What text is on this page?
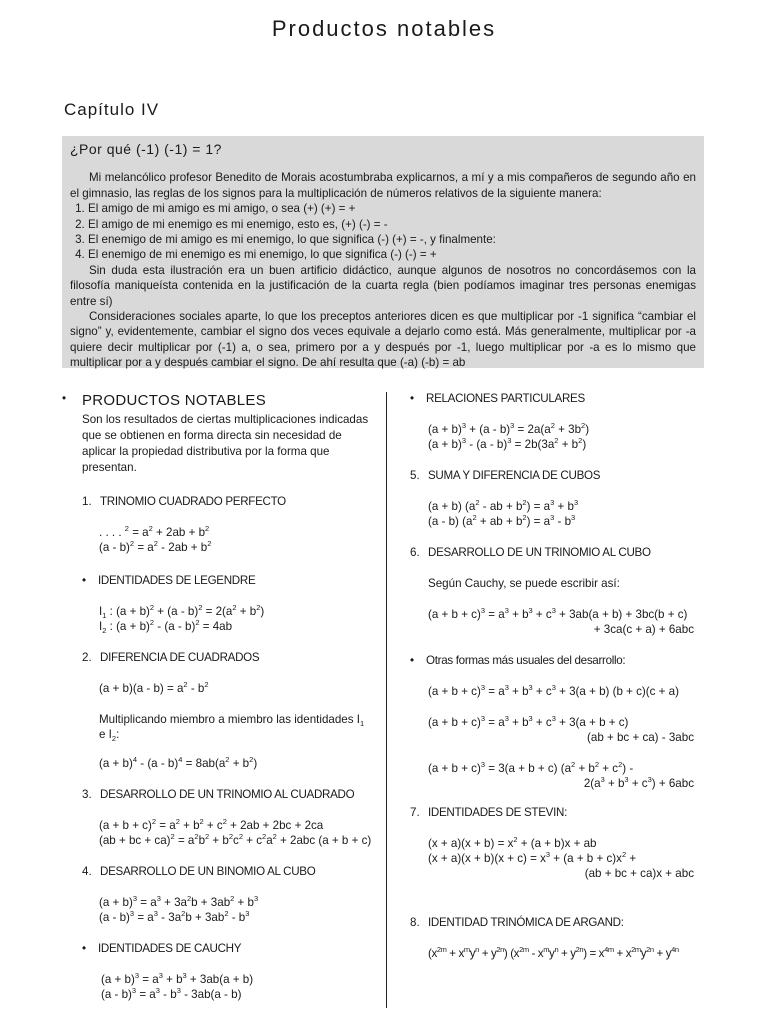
Productos notables
Capítulo IV
¿Por qué (-1) (-1) = 1?

Mi melancólico profesor Benedito de Morais acostumbraba explicarnos, a mí y a mis compañeros de segundo año en el gimnasio, las reglas de los signos para la multiplicación de números relativos de la siguiente manera:

1. El amigo de mi amigo es mi amigo, o sea (+) (+) = +
2. El amigo de mi enemigo es mi enemigo, esto es, (+) (-) = -
3. El enemigo de mi amigo es mi enemigo, lo que significa (-) (+) = -, y finalmente:
4. El enemigo de mi enemigo es mi enemigo, lo que significa (-) (-) = +

Sin duda esta ilustración era un buen artificio didáctico, aunque algunos de nosotros no concordásemos con la filosofía maniqueísta contenida en la justificación de la cuarta regla (bien podíamos imaginar tres personas enemigas entre sí)

Consideraciones sociales aparte, lo que los preceptos anteriores dicen es que multiplicar por -1 significa “cambiar el signo” y, evidentemente, cambiar el signo dos veces equivale a dejarlo como está. Más generalmente, multiplicar por -a quiere decir multiplicar por (-1) a, o sea, primero por a y después por -1, luego multiplicar por -a es lo mismo que multiplicar por a y después cambiar el signo. De ahí resulta que (-a) (-b) = ab

•	PRODUCTOS NOTABLES

Son los resultados de ciertas multiplicaciones indicadas que se obtienen en forma directa sin necesidad de aplicar la propiedad distributiva por la forma que presentan.

1. TRINOMIO CUADRADO PERFECTO

. . . . $^2 = a^2 + 2ab + b^2$

$(a - b)^2 = a^2 - 2ab + b^2$

•	IDENTIDADES DE LEGENDRE

$I_1$ : $(a + b)^2 + (a - b)^2 = 2(a^2 + b^2)$

$I_2$ : $(a + b)^2 - (a - b)^2 = 4ab$

2. DIFERENCIA DE CUADRADOS

$(a + b)(a - b) = a^2 - b^2$

Multiplicando miembro a miembro las identidades $I_1$ e $I_2$:

$(a + b)^4 - (a - b)^4 = 8ab(a^2 + b^2)$

3. DESARROLLO DE UN TRINOMIO AL CUADRADO

$(a + b + c)^2 = a^2 + b^2 + c^2 + 2ab + 2bc + 2ca$

(ab + bc + $ca)^2 = a^2b^2 + b^2c^2 + c^2a^2 + 2abc$ (a + b + c)

4. DESARROLLO DE UN BINOMIO AL CUBO

$(a + b)^3 = a^3 + 3a^2b + 3ab^2 + b^3$

$(a - b)^3 = a^3 - 3a^2b + 3ab^2 - b^3$

•	IDENTIDADES DE CAUCHY

$(a + b)^3 = a^3 + b^3 + 3ab(a + b)$

$(a - b)^3 = a^3 - b^3 - 3ab(a - b)$

•	RELACIONES PARTICULARES

$(a + b)^3 + (a - b)^3 = 2a(a^2 + 3b^2)$

$(a + b)^3 - (a - b)^3 = 2b(3a^2 + b^2)$

5. SUMA Y DIFERENCIA DE CUBOS

(a + b) ($a^2$ - ab + $b^2) = a^3 + b^3$

(a - b) ($a^2$ + ab + $b^2) = a^3 - b^3$

6. DESARROLLO DE UN TRINOMIO AL CUBO

Según Cauchy, se puede escribir así:

$(a + b + c)^3 = a^3 + b^3 + c^3 + 3ab(a + b) + 3bc(b + c)$

+ 3ca(c + a) + 6abc

•	Otras formas más usuales del desarrollo:

$(a + b + c)^3 = a^3 + b^3 + c^3 + 3(a + b)$ (b + c)(c + a)

$(a + b + c)^3 = a^3 + b^3 + c^3 + 3(a + b + c)$

(ab + bc + ca) - 3abc

$(a + b + c)^3 = 3(a + b + c)$ $(a^2 + b^2 + c^2)$ -

$2(a^3 + b^3 + c^3) + 6abc$

7. IDENTIDADES DE STEVIN:

$(x + a)(x + b) = x^2 + (a + b)x$ + ab

$(x + a)(x + b)(x + c) = x^3 + (a + b + c)x^2$ +

(ab + bc + ca)x + abc

8. IDENTIDAD TRINÓMICA DE ARGAND:

$(x^{2m} + x^my^n + y^{2n})$ $(x^{2m} - x^my^n + y^{2n}) = x^{4m} + x^{2m}y^{2n} + y^{4n}$
